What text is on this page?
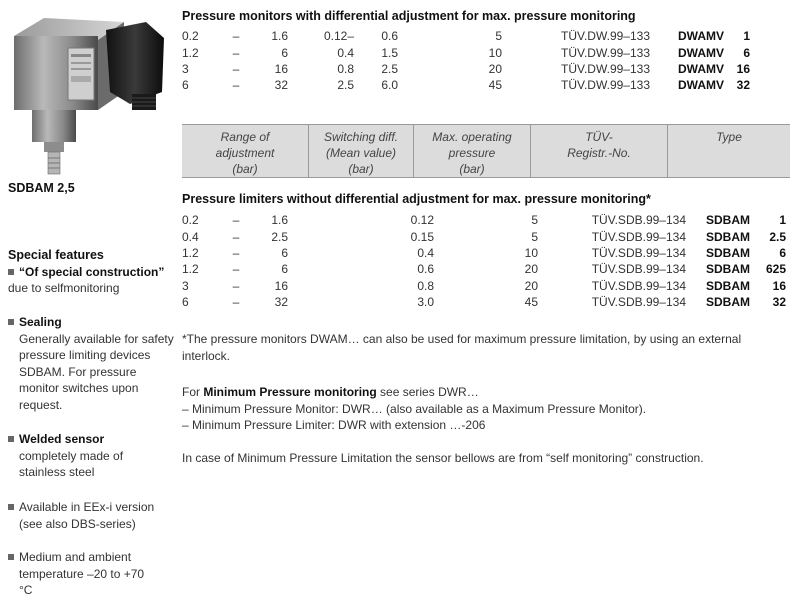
SDBAM 2,5
Special features
“Of special construction”
due to selfmonitoring
Sealing
Generally available for safety pressure limiting devices SDBAM. For pressure monitor switches upon request.
Welded sensor
completely made of stainless steel
Available in EEx-i version (see also DBS-series)
Medium and ambient temperature –20 to +70 °C
Pressure monitors with differential adjustment for max. pressure monitoring
0.2	–	1.6	0.12–	0.6	5	TÜV.DW.99–133	DWAMV	1
1.2	–	6	0.4	1.5	10	TÜV.DW.99–133	DWAMV	6
3	–	16	0.8	2.5	20	TÜV.DW.99–133	DWAMV	16
6	–	32	2.5	6.0	45	TÜV.DW.99–133	DWAMV	32
Range of
adjustment
(bar)
Switching diff.
(Mean value)
(bar)
Max. operating
pressure
(bar)
TÜV-
Registr.-No.
Type
Pressure limiters without differential adjustment for max. pressure monitoring*
0.2	–	1.6	0.12	5	TÜV.SDB.99–134	SDBAM	1
0.4	–	2.5	0.15	5	TÜV.SDB.99–134	SDBAM	2.5
1.2	–	6	0.4	10	TÜV.SDB.99–134	SDBAM	6
1.2	–	6	0.6	20	TÜV.SDB.99–134	SDBAM	625
3	–	16	0.8	20	TÜV.SDB.99–134	SDBAM	16
6	–	32	3.0	45	TÜV.SDB.99–134	SDBAM	32
*The pressure monitors DWAM… can also be used for maximum pressure limitation, by using an external interlock.
For Minimum Pressure monitoring see series DWR…
– Minimum Pressure Monitor: DWR… (also available as a Maximum Pressure Monitor).
– Minimum Pressure Limiter: DWR with extension …-206
In case of Minimum Pressure Limitation the sensor bellows are from “self monitoring” construction.
